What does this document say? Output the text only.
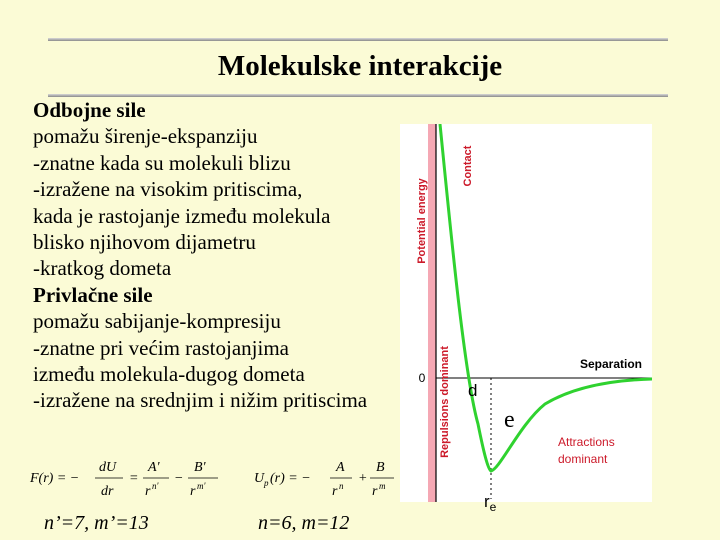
Molekulske interakcije
Odbojne sile
pomažu širenje-ekspanziju
-znatne kada su molekuli blizu
-izražene na visokim pritiscima,
kada je rastojanje između molekula
blisko njihovom dijametru
-kratkog dometa
Privlačne sile
pomažu sabijanje-kompresiju
-znatne pri većim rastojanjima
između molekula-dugog dometa
-izražene na srednjim i nižim pritiscima
Potential energy
Contact
Repulsions dominant
0
Separation
Attractions
dominant
d
e
$r_e$
F(r) = −
dU
dr
=
A'
r n' −
B'
r m'	U p (r) = −
A
r n +
B
r m
n’=7, m’=13	n=6, m=12
